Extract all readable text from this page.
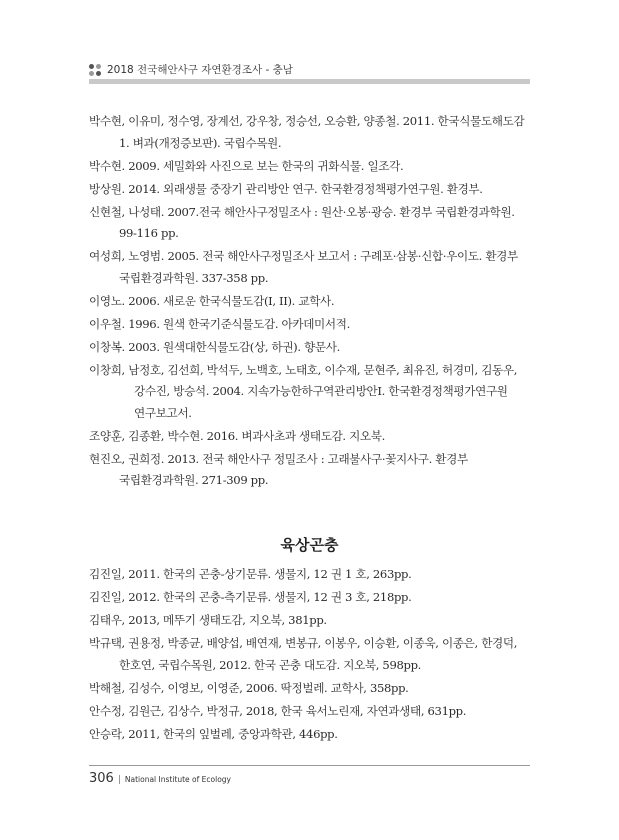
2018 전국해안사구 자연환경조사 - 충남

박수현, 이유미, 정수영, 장계선, 강우창, 정승선, 오승환, 양종철. 2011. 한국식물도해도감 1. 벼과(개정증보판). 국립수목원.

박수현. 2009. 세밀화와 사진으로 보는 한국의 귀화식물. 일조각.

방상원. 2014. 외래생물 중장기 관리방안 연구. 한국환경정책평가연구원. 환경부.

신현철, 나성태. 2007.전국 해안사구정밀조사 : 원산·오봉·광승. 환경부 국립환경과학원. 99-116 pp.

여성희, 노영범. 2005. 전국 해안사구정밀조사 보고서 : 구례포·삼봉·신합·우이도. 환경부 국립환경과학원. 337-358 pp.

이영노. 2006. 새로운 한국식물도감(I, II). 교학사.

이우철. 1996. 원색 한국기준식물도감. 아카데미서적.

이창복. 2003. 원색대한식물도감(상, 하권). 향문사.

이창희, 남정호, 김선희, 박석두, 노백호, 노태호, 이수재, 문현주, 최유진, 허경미, 김동우, 강수진, 방승석. 2004. 지속가능한하구역관리방안Ⅰ. 한국환경정책평가연구원 연구보고서.

조양훈, 김종환, 박수현. 2016. 벼과사초과 생태도감. 지오북.

현진오, 권희정. 2013. 전국 해안사구 정밀조사 : 고래불사구·꽃지사구. 환경부 국립환경과학원. 271-309 pp.

육상곤충

김진일, 2011. 한국의 곤충-상기문류. 생물지, 12 권 1 호, 263pp.

김진일, 2012. 한국의 곤충-측기문류. 생물지, 12 권 3 호, 218pp.

김태우, 2013, 메뚜기 생태도감, 지오북, 381pp.

박규택, 권용정, 박종균, 배양섭, 배연재, 변봉규, 이봉우, 이승환, 이종욱, 이종은, 한경덕, 한호연, 국립수목원, 2012. 한국 곤충 대도감. 지오북, 598pp.

박해철, 김성수, 이영보, 이영준, 2006. 딱정벌레. 교학사, 358pp.

안수정, 김원근, 김상수, 박정규, 2018, 한국 육서노린재, 자연과생태, 631pp.

안승락, 2011, 한국의 잎벌레, 중앙과학관, 446pp.

306 | National Institute of Ecology
